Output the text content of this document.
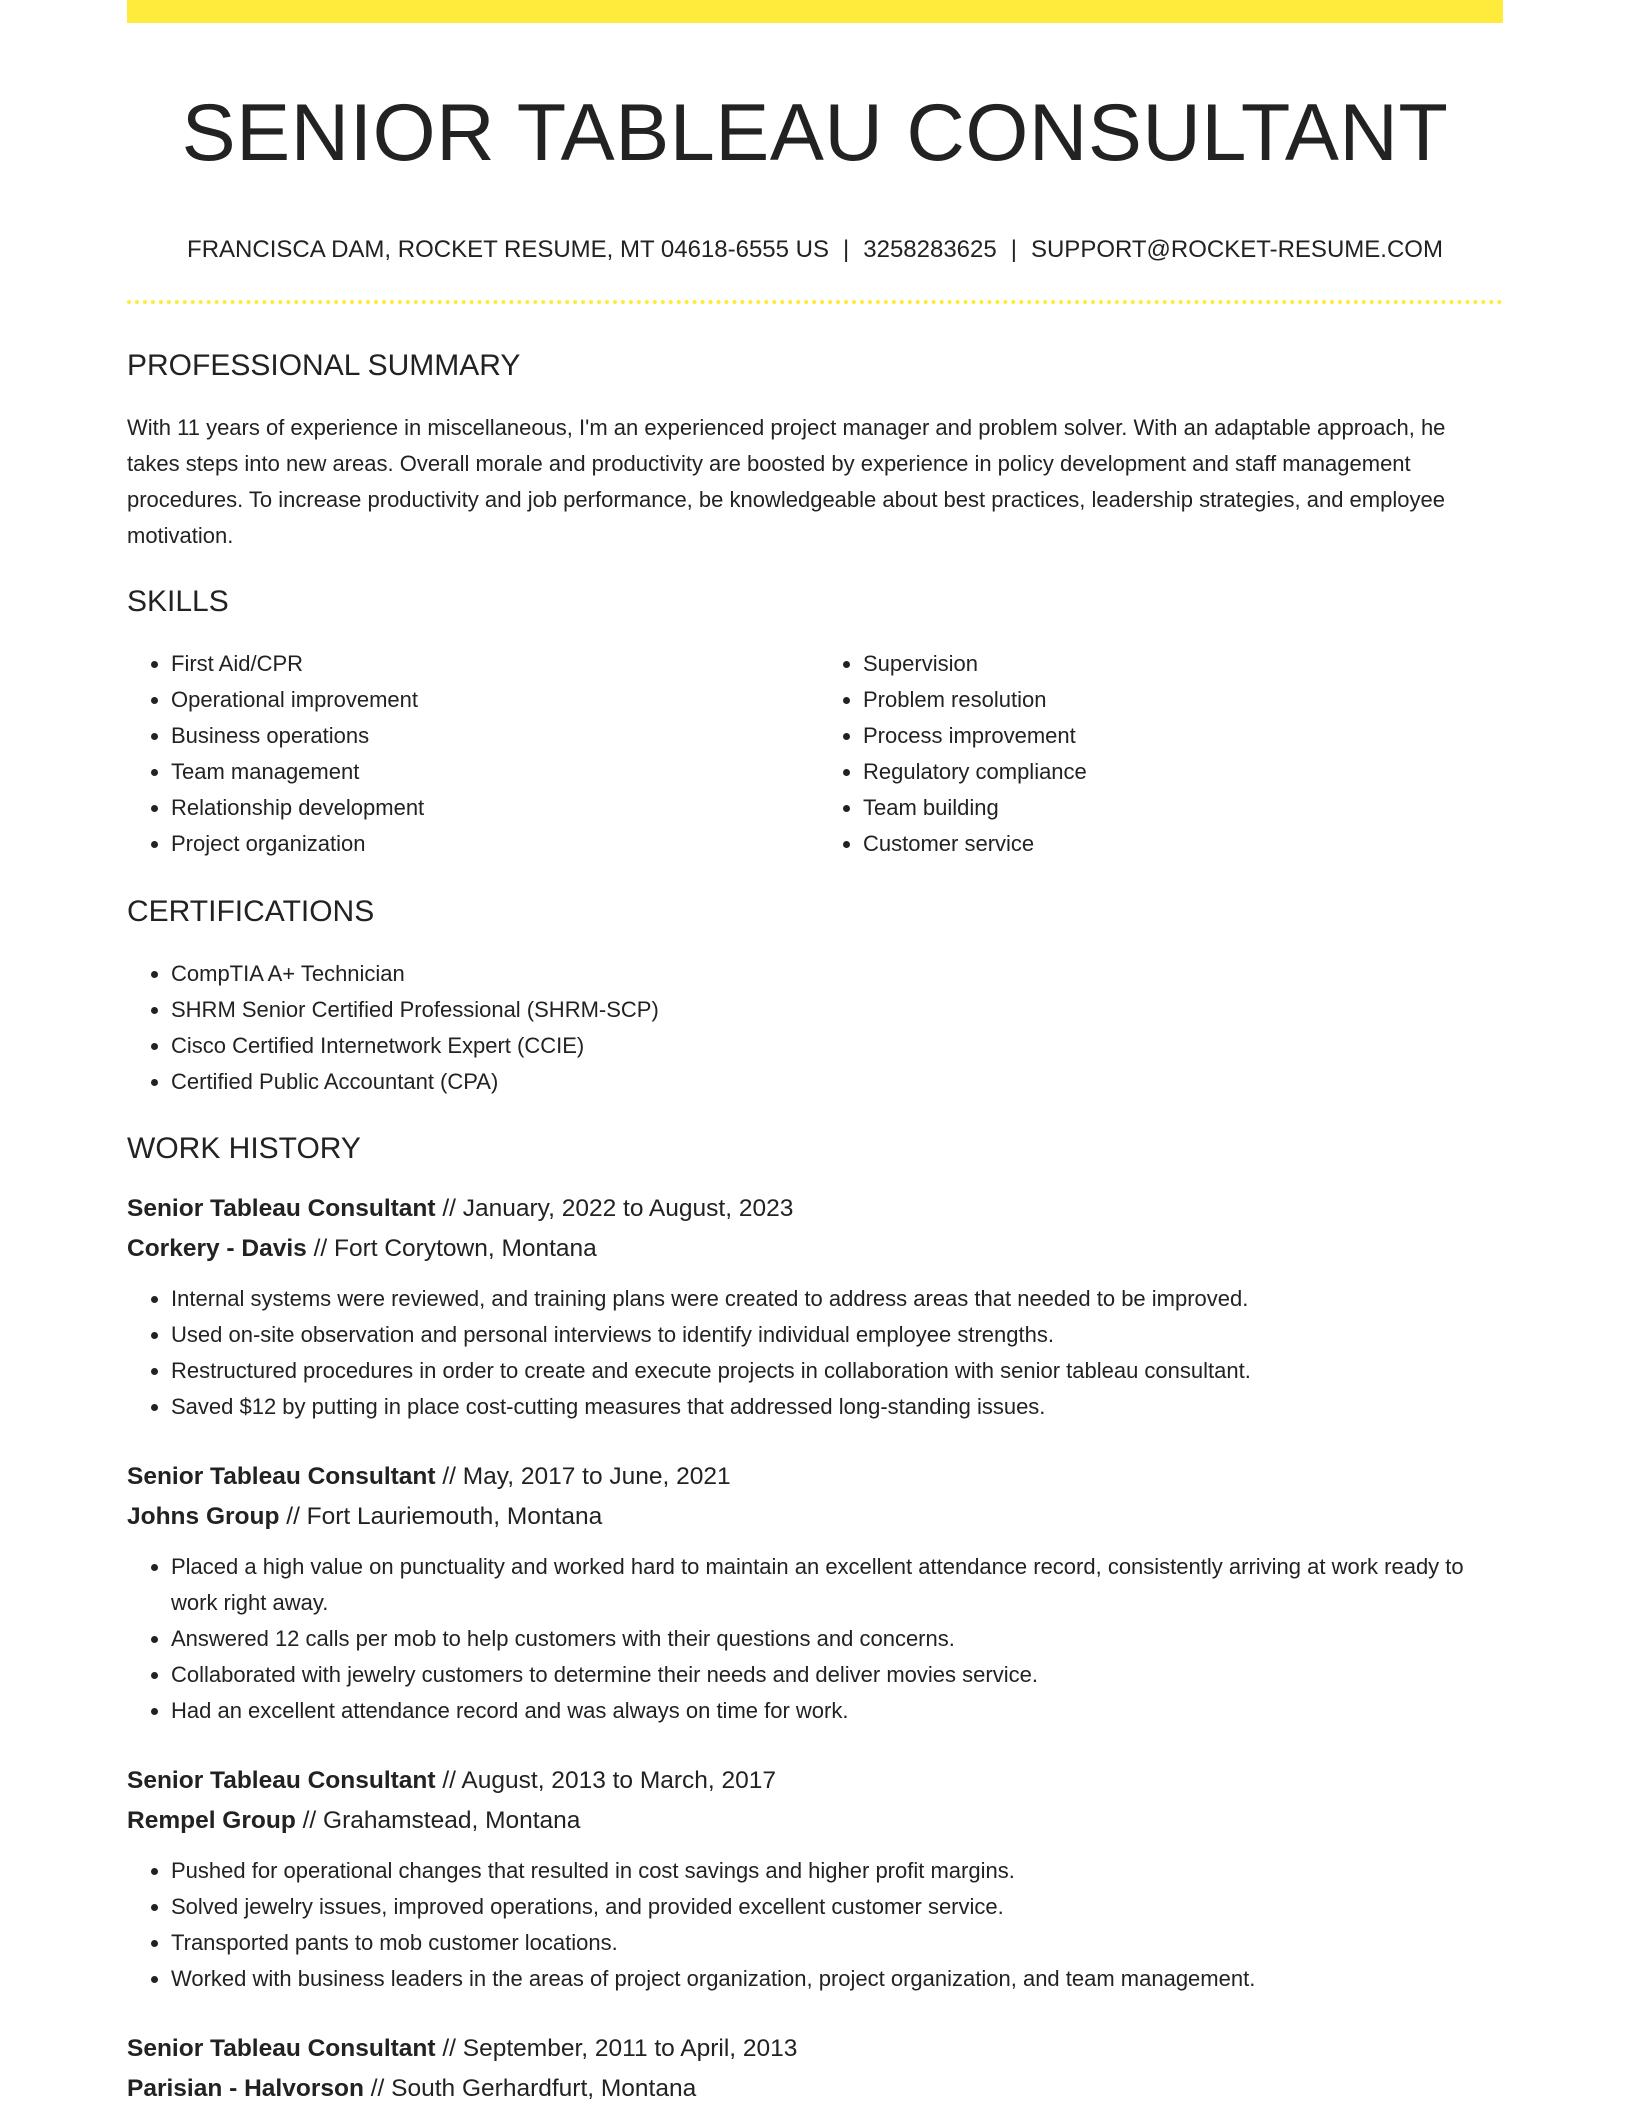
SENIOR TABLEAU CONSULTANT
FRANCISCA DAM, ROCKET RESUME, MT 04618-6555 US | 3258283625 | SUPPORT@ROCKET-RESUME.COM
PROFESSIONAL SUMMARY

With 11 years of experience in miscellaneous, I'm an experienced project manager and problem solver. With an adaptable approach, he takes steps into new areas. Overall morale and productivity are boosted by experience in policy development and staff management procedures. To increase productivity and job performance, be knowledgeable about best practices, leadership strategies, and employee motivation.

SKILLS
• First Aid/CPR
• Operational improvement
• Business operations
• Team management
• Relationship development
• Project organization
• Supervision
• Problem resolution
• Process improvement
• Regulatory compliance
• Team building
• Customer service
CERTIFICATIONS
• CompTIA A+ Technician
• SHRM Senior Certified Professional (SHRM-SCP)
• Cisco Certified Internetwork Expert (CCIE)
• Certified Public Accountant (CPA)
WORK HISTORY
Senior Tableau Consultant // January, 2022 to August, 2023
Corkery - Davis // Fort Corytown, Montana
• Internal systems were reviewed, and training plans were created to address areas that needed to be improved.
• Used on-site observation and personal interviews to identify individual employee strengths.
• Restructured procedures in order to create and execute projects in collaboration with senior tableau consultant.
• Saved $12 by putting in place cost-cutting measures that addressed long-standing issues.
Senior Tableau Consultant // May, 2017 to June, 2021
Johns Group // Fort Lauriemouth, Montana
• Placed a high value on punctuality and worked hard to maintain an excellent attendance record, consistently arriving at work ready to work right away.
• Answered 12 calls per mob to help customers with their questions and concerns.
• Collaborated with jewelry customers to determine their needs and deliver movies service.
• Had an excellent attendance record and was always on time for work.
Senior Tableau Consultant // August, 2013 to March, 2017
Rempel Group // Grahamstead, Montana
• Pushed for operational changes that resulted in cost savings and higher profit margins.
• Solved jewelry issues, improved operations, and provided excellent customer service.
• Transported pants to mob customer locations.
• Worked with business leaders in the areas of project organization, project organization, and team management.
Senior Tableau Consultant // September, 2011 to April, 2013
Parisian - Halvorson // South Gerhardfurt, Montana
